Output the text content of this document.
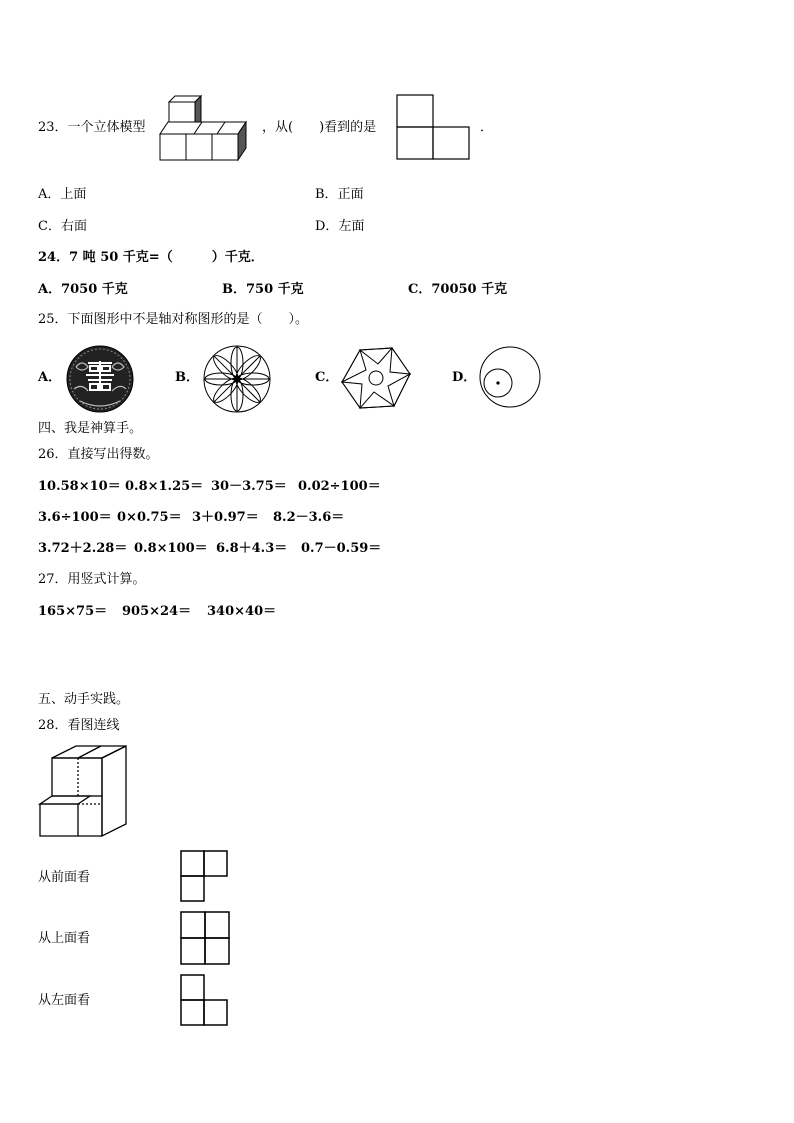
23．一个立体模型	，从(　　)看到的是	．
A．上面	B．正面
C．右面	D．左面
24．7 吨 50 千克=（　　　）千克．
A．7050 千克	B．750 千克	C．70050 千克
25．下面图形中不是轴对称图形的是（　　）。
A．	B．	C．	D．
四、我是神算手。
26．直接写出得数。
10.58×10＝ 0.8×1.25＝ 30－3.75＝ 0.02÷100＝
3.6÷100＝ 0×0.75＝ 3＋0.97＝ 8.2－3.6＝
3.72＋2.28＝ 0.8×100＝ 6.8＋4.3＝ 0.7－0.59＝
27．用竖式计算。
165×75＝ 905×24＝ 340×40＝
五、动手实践。
28．看图连线
从前面看
从上面看
从左面看
